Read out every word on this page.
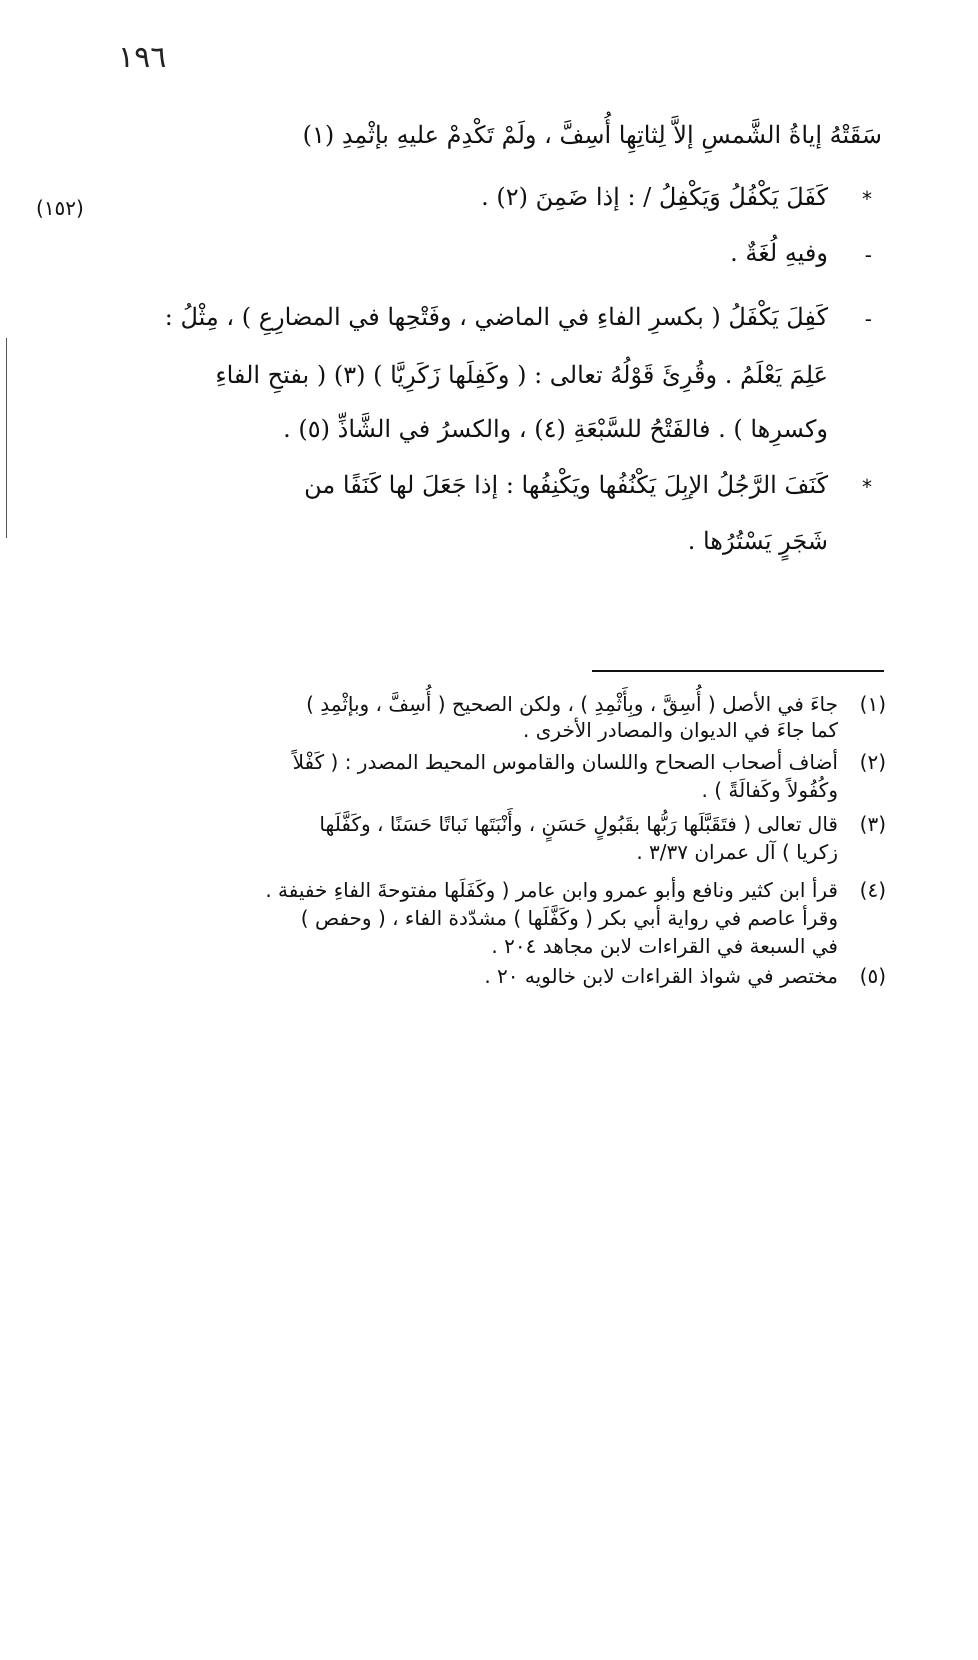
١٩٦
سَقَتْهُ إياةُ الشَّمسِ إلاَّ لِثاتِهِا أُسِفَّ ، ولَمْ تَكْدِمْ عليهِ بإثْمِدِ (١)
*
كَفَلَ يَكْفُلُ وَيَكْفِلُ / : إذا ضَمِنَ (٢) .
(١٥٢)
-
وفيهِ لُغَةٌ .
-
كَفِلَ يَكْفَلُ ( بكسرِ الفاءِ في الماضي ، وفَتْحِها في المضارِعِ ) ، مِثْلُ :
عَلِمَ يَعْلَمُ . وقُرِئَ قَوْلُهُ تعالى : ( وكَفِلَها زَكَرِيَّا ) (٣) ( بفتحِ الفاءِ
وكسرِها ) . فالفَتْحُ للسَّبْعَةِ (٤) ، والكسرُ في الشَّاذِّ (٥) .
*
كَنَفَ الرَّجُلُ الإبِلَ يَكْنُفُها ويَكْنِفُها : إذا جَعَلَ لها كَنَفًا من
شَجَرٍ يَسْتُرُها .
(١)
جاءَ في الأصل ( أُسِقَّ ، وبِأَثْمِدِ ) ، ولكن الصحيح ( أُسِفَّ ، وبإثْمِدِ )
كما جاءَ في الديوان والمصادر الأخرى .
(٢)
أضاف أصحاب الصحاح واللسان والقاموس المحيط المصدر : ( كَفْلاً
وكُفُولاً وكَفالَةً ) .
(٣)
قال تعالى ( فتَقَبَّلَها رَبُّها بقَبُولٍ حَسَنٍ ، وأَنْبَتَها نَباتًا حَسَنًا ، وكَفَّلَها
زكريا ) آل عمران ٣/٣٧ .
(٤)
قرأ ابن كثير ونافع وأبو عمرو وابن عامر ( وكَفَلَها مفتوحةَ الفاءِ خفيفة .
وقرأ عاصم في رواية أبي بكر ( وكَفَّلَها ) مشدّدة الفاء ، ( وحفص )
في السبعة في القراءات لابن مجاهد ٢٠٤ .
(٥)
مختصر في شواذ القراءات لابن خالويه ٢٠ .
